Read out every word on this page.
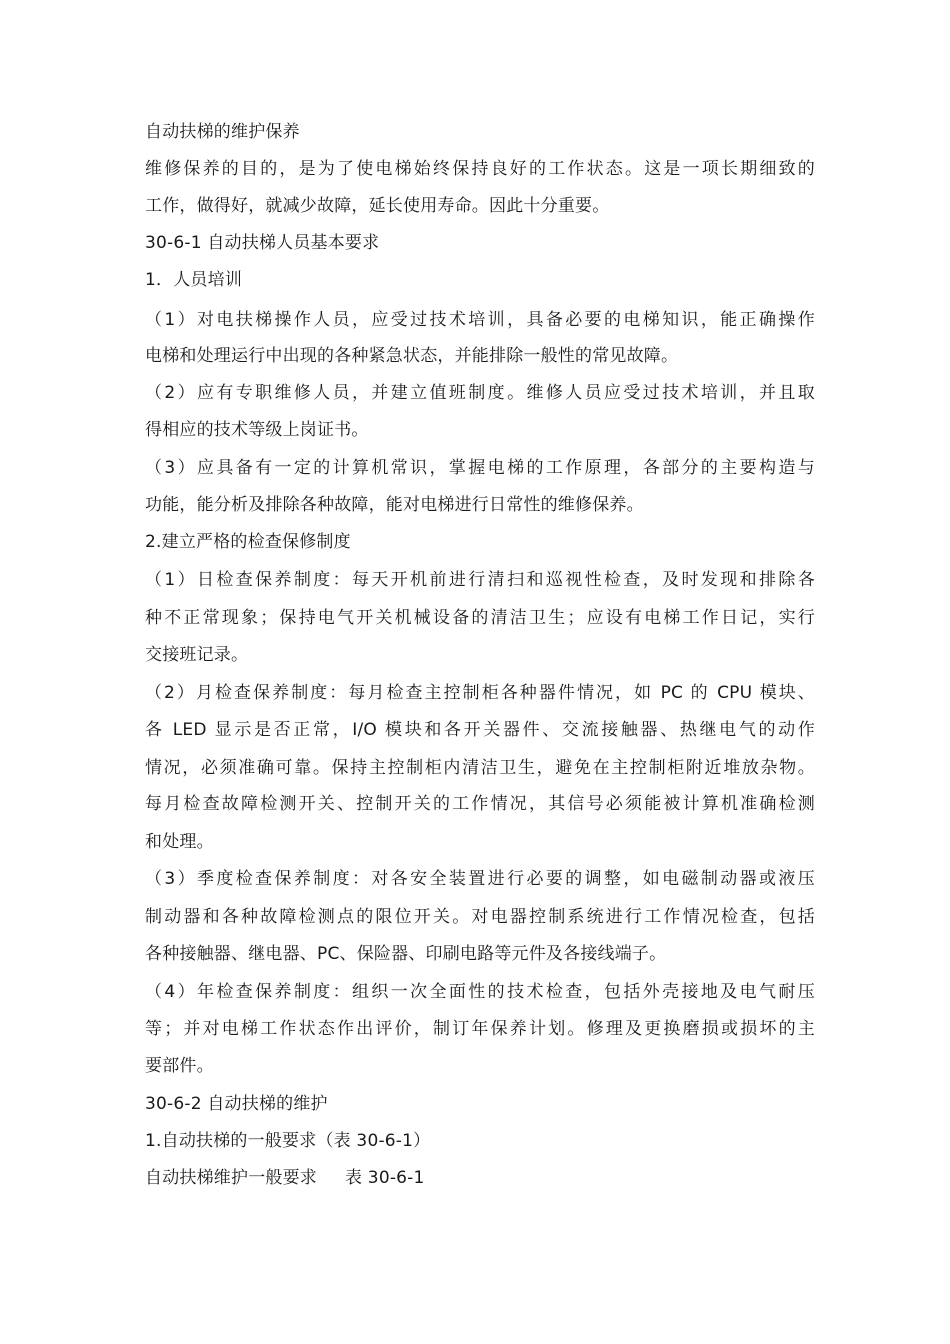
自动扶梯的维护保养
维修保养的目的，是为了使电梯始终保持良好的工作状态。这是一项长期细致的
工作，做得好，就减少故障，延长使用寿命。因此十分重要。
30-6-1 自动扶梯人员基本要求
1．人员培训
（1）对电扶梯操作人员，应受过技术培训，具备必要的电梯知识，能正确操作
电梯和处理运行中出现的各种紧急状态，并能排除一般性的常见故障。
（2）应有专职维修人员，并建立值班制度。维修人员应受过技术培训，并且取
得相应的技术等级上岗证书。
（3）应具备有一定的计算机常识，掌握电梯的工作原理，各部分的主要构造与
功能，能分析及排除各种故障，能对电梯进行日常性的维修保养。
2.建立严格的检查保修制度
（1）日检查保养制度：每天开机前进行清扫和巡视性检查，及时发现和排除各
种不正常现象；保持电气开关机械设备的清洁卫生；应设有电梯工作日记，实行
交接班记录。
（2）月检查保养制度：每月检查主控制柜各种器件情况，如 PC 的 CPU 模块、
各 LED 显示是否正常，I/O 模块和各开关器件、交流接触器、热继电气的动作
情况，必须准确可靠。保持主控制柜内清洁卫生，避免在主控制柜附近堆放杂物。
每月检查故障检测开关、控制开关的工作情况，其信号必须能被计算机准确检测
和处理。
（3）季度检查保养制度：对各安全装置进行必要的调整，如电磁制动器或液压
制动器和各种故障检测点的限位开关。对电器控制系统进行工作情况检查，包括
各种接触器、继电器、PC、保险器、印刷电路等元件及各接线端子。
（4）年检查保养制度：组织一次全面性的技术检查，包括外壳接地及电气耐压
等；并对电梯工作状态作出评价，制订年保养计划。修理及更换磨损或损坏的主
要部件。
30-6-2 自动扶梯的维护
1.自动扶梯的一般要求（表 30-6-1）
自动扶梯维护一般要求 表 30-6-1
